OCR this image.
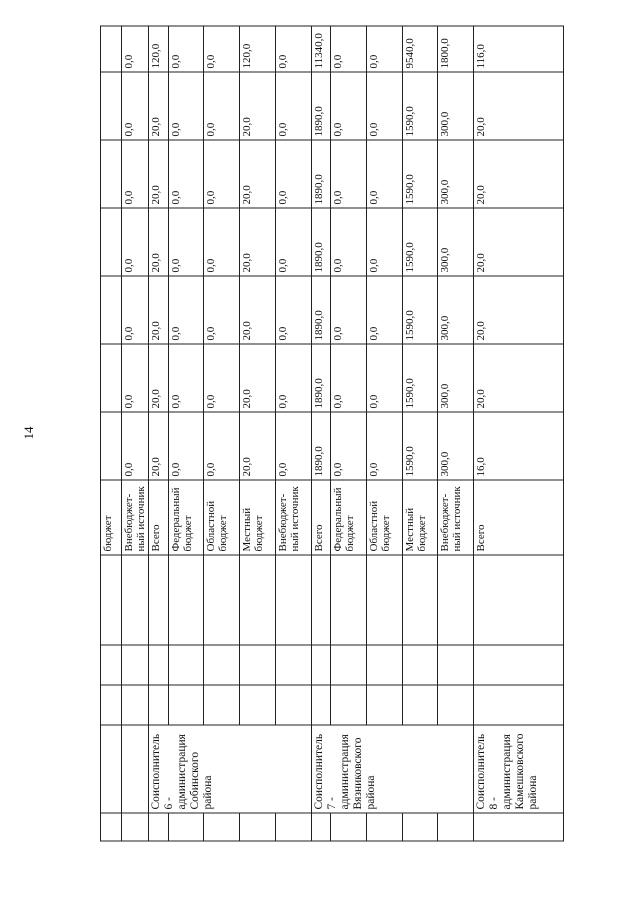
14
					бюджет							
					Внебюджет-ный источник	0,0	0,0	0,0	0,0	0,0	0,0	0,0
	Соисполнитель 6 - администрация Собинского района				Всего	20,0	20,0	20,0	20,0	20,0	20,0	120,0
					Федеральный бюджет	0,0	0,0	0,0	0,0	0,0	0,0	0,0
					Областной бюджет	0,0	0,0	0,0	0,0	0,0	0,0	0,0
					Местный бюджет	20,0	20,0	20,0	20,0	20,0	20,0	120,0
					Внебюджет-ный источник	0,0	0,0	0,0	0,0	0,0	0,0	0,0
	Соисполнитель 7 - администрация Вязниковского района				Всего	1890,0	1890,0	1890,0	1890,0	1890,0	1890,0	11340,0
					Федеральный бюджет	0,0	0,0	0,0	0,0	0,0	0,0	0,0
					Областной бюджет	0,0	0,0	0,0	0,0	0,0	0,0	0,0
					Местный бюджет	1590,0	1590,0	1590,0	1590,0	1590,0	1590,0	9540,0
					Внебюджет-ный источник	300,0	300,0	300,0	300,0	300,0	300,0	1800,0
	Соисполнитель 8 - администрация Камешковского района				Всего	16,0	20,0	20,0	20,0	20,0	20,0	116,0
